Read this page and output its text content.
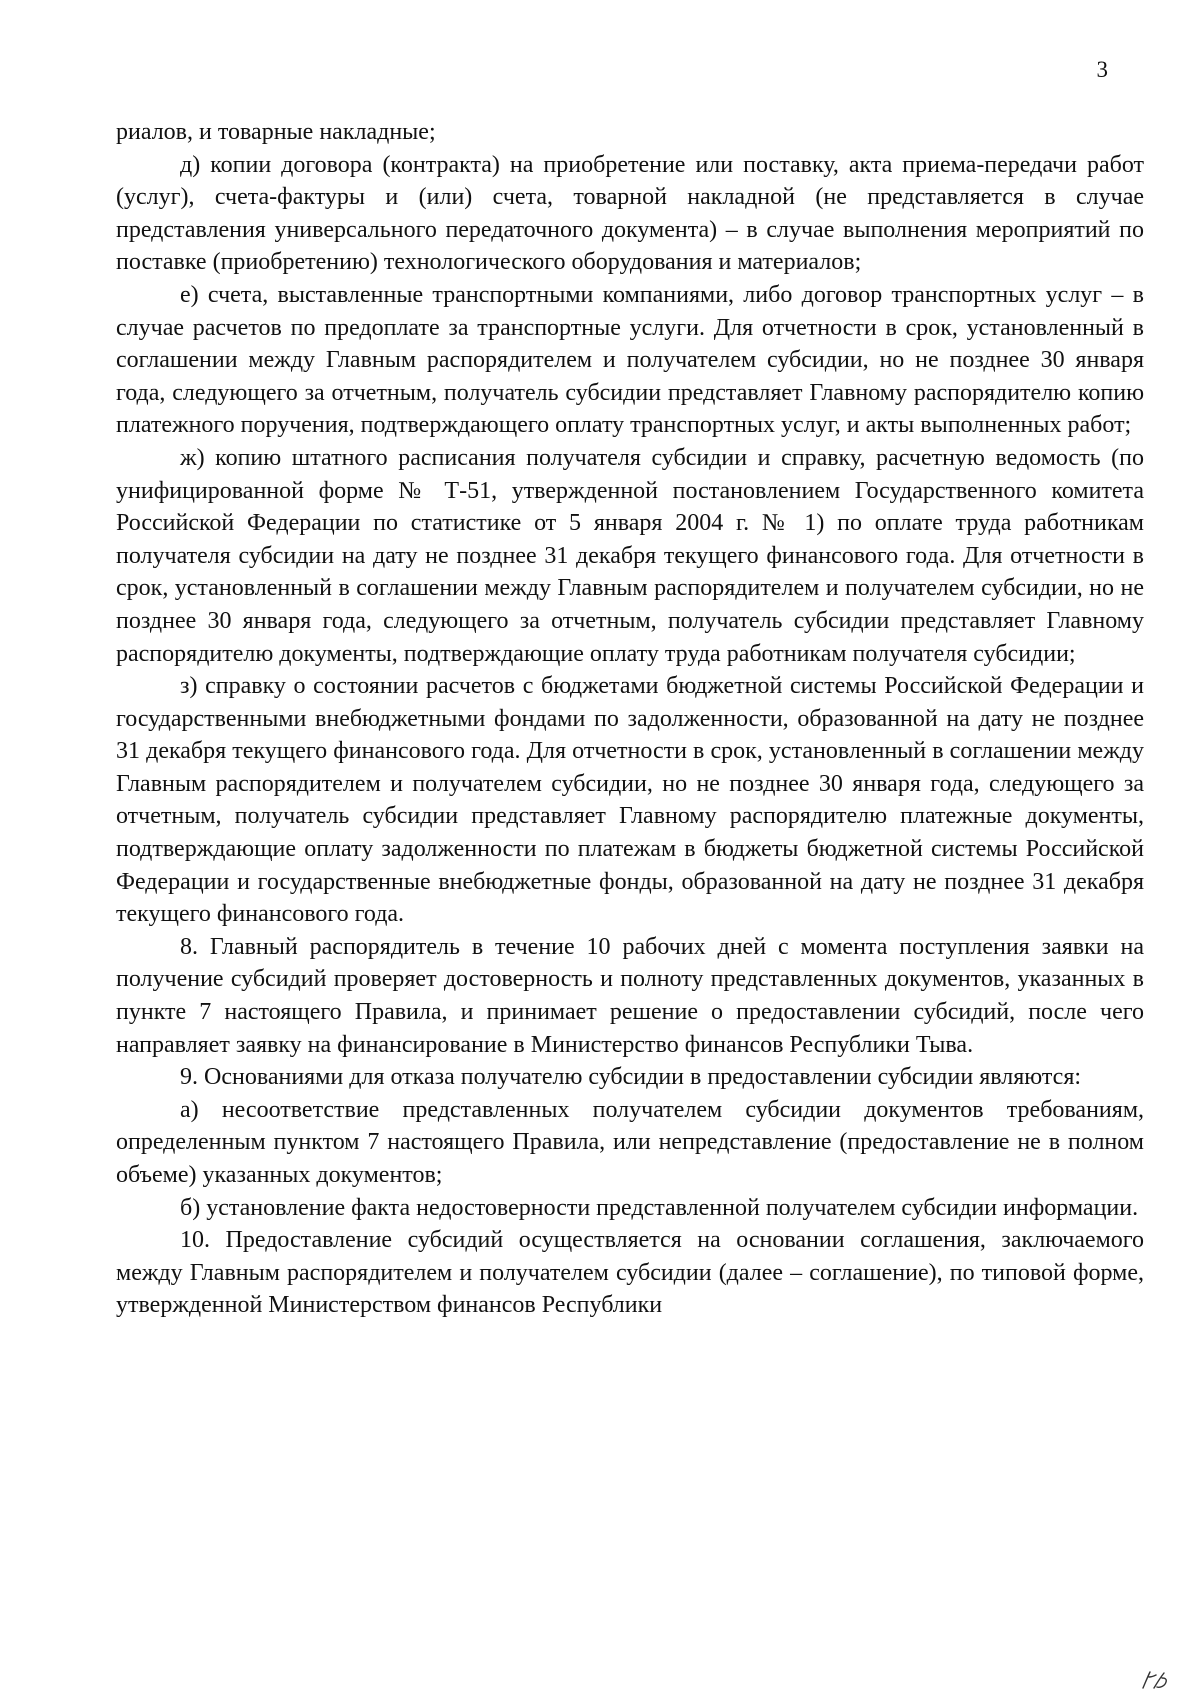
3

риалов, и товарные накладные;

д) копии договора (контракта) на приобретение или поставку, акта приема-передачи работ (услуг), счета-фактуры и (или) счета, товарной накладной (не представляется в случае представления универсального передаточного документа) – в случае выполнения мероприятий по поставке (приобретению) технологического оборудования и материалов;

е) счета, выставленные транспортными компаниями, либо договор транспортных услуг – в случае расчетов по предоплате за транспортные услуги. Для отчетности в срок, установленный в соглашении между Главным распорядителем и получателем субсидии, но не позднее 30 января года, следующего за отчетным, получатель субсидии представляет Главному распорядителю копию платежного поручения, подтверждающего оплату транспортных услуг, и акты выполненных работ;

ж) копию штатного расписания получателя субсидии и справку, расчетную ведомость (по унифицированной форме № Т-51, утвержденной постановлением Государственного комитета Российской Федерации по статистике от 5 января 2004 г. № 1) по оплате труда работникам получателя субсидии на дату не позднее 31 декабря текущего финансового года. Для отчетности в срок, установленный в соглашении между Главным распорядителем и получателем субсидии, но не позднее 30 января года, следующего за отчетным, получатель субсидии представляет Главному распорядителю документы, подтверждающие оплату труда работникам получателя субсидии;

з) справку о состоянии расчетов с бюджетами бюджетной системы Российской Федерации и государственными внебюджетными фондами по задолженности, образованной на дату не позднее 31 декабря текущего финансового года. Для отчетности в срок, установленный в соглашении между Главным распорядителем и получателем субсидии, но не позднее 30 января года, следующего за отчетным, получатель субсидии представляет Главному распорядителю платежные документы, подтверждающие оплату задолженности по платежам в бюджеты бюджетной системы Российской Федерации и государственные внебюджетные фонды, образованной на дату не позднее 31 декабря текущего финансового года.

8. Главный распорядитель в течение 10 рабочих дней с момента поступления заявки на получение субсидий проверяет достоверность и полноту представленных документов, указанных в пункте 7 настоящего Правила, и принимает решение о предоставлении субсидий, после чего направляет заявку на финансирование в Министерство финансов Республики Тыва.

9. Основаниями для отказа получателю субсидии в предоставлении субсидии являются:

а) несоответствие представленных получателем субсидии документов требованиям, определенным пунктом 7 настоящего Правила, или непредставление (предоставление не в полном объеме) указанных документов;

б) установление факта недостоверности представленной получателем субсидии информации.

10. Предоставление субсидий осуществляется на основании соглашения, заключаемого между Главным распорядителем и получателем субсидии (далее – соглашение), по типовой форме, утвержденной Министерством финансов Республики
